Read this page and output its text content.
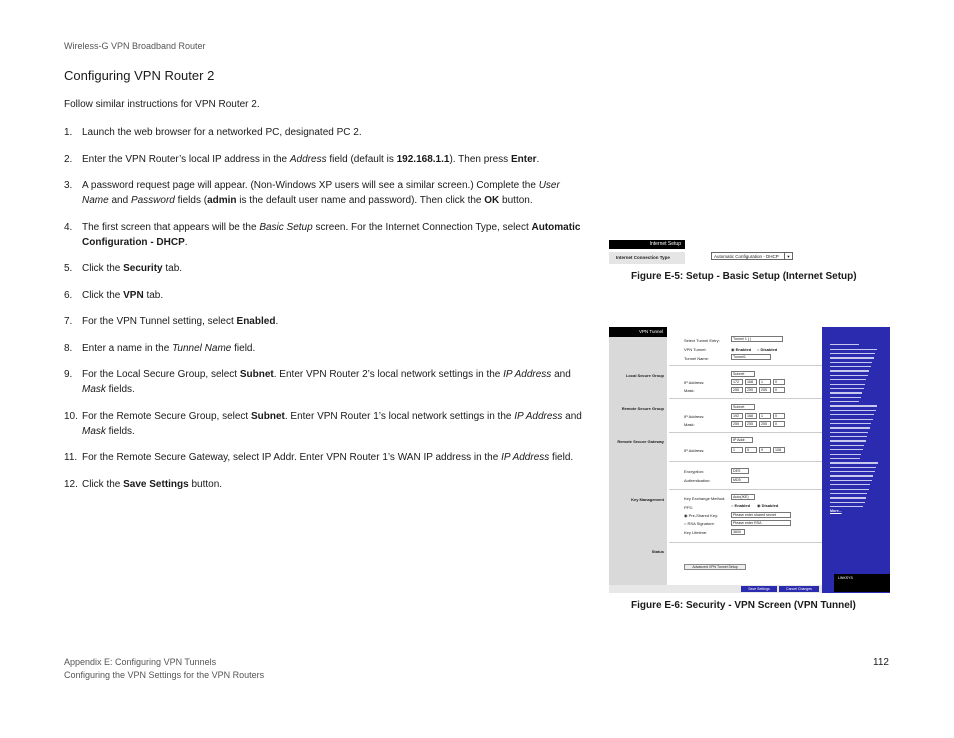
Wireless-G VPN Broadband Router
Configuring VPN Router 2
Follow similar instructions for VPN Router 2.
1. Launch the web browser for a networked PC, designated PC 2.
2. Enter the VPN Router’s local IP address in the Address field (default is 192.168.1.1). Then press Enter.
3. A password request page will appear. (Non-Windows XP users will see a similar screen.) Complete the User Name and Password fields (admin is the default user name and password). Then click the OK button.
4. The first screen that appears will be the Basic Setup screen. For the Internet Connection Type, select Automatic Configuration - DHCP.
5. Click the Security tab.
6. Click the VPN tab.
7. For the VPN Tunnel setting, select Enabled.
8. Enter a name in the Tunnel Name field.
9. For the Local Secure Group, select Subnet. Enter VPN Router 2’s local network settings in the IP Address and Mask fields.
10. For the Remote Secure Group, select Subnet. Enter VPN Router 1’s local network settings in the IP Address and Mask fields.
11. For the Remote Secure Gateway, select IP Addr. Enter VPN Router 1’s WAN IP address in the IP Address field.
12. Click the Save Settings button.
Internet Setup
Internet Connection Type	Automatic Configuration - DHCP	▼
Figure E-5: Setup - Basic Setup (Internet Setup)
VPN Tunnel
Local Secure Group
Remote Secure Group
Remote Secure Gateway
Key Management
Status
Select Tunnel Entry:	Tunnel 1 ( )
VPN Tunnel:	◉ Enabled ○ Disabled
Tunnel Name:	Tunnel1
Subnet
IP Address:	172	168	1	0
Mask:	255	255	255	0
Subnet
IP Address:	192	168	1	0
Mask:	255	255	255	0
IP Addr.
IP Address:	1	5	9	108
Encryption:	DES
Authentication:	MD5
Key Exchange Method:	Auto(IKE)
PFS:	○ Enabled ◉ Disabled
◉ Pre-Shared Key:	Please enter shared secret
○ RSA Signature:	Please enter RSA
Key Lifetime:	3600
Advanced VPN Tunnel Setup

More...

LINKSYS
Save Settings	Cancel Changes
Figure E-6: Security - VPN Screen (VPN Tunnel)
Appendix E: Configuring VPN Tunnels
Configuring the VPN Settings for the VPN Routers
112
